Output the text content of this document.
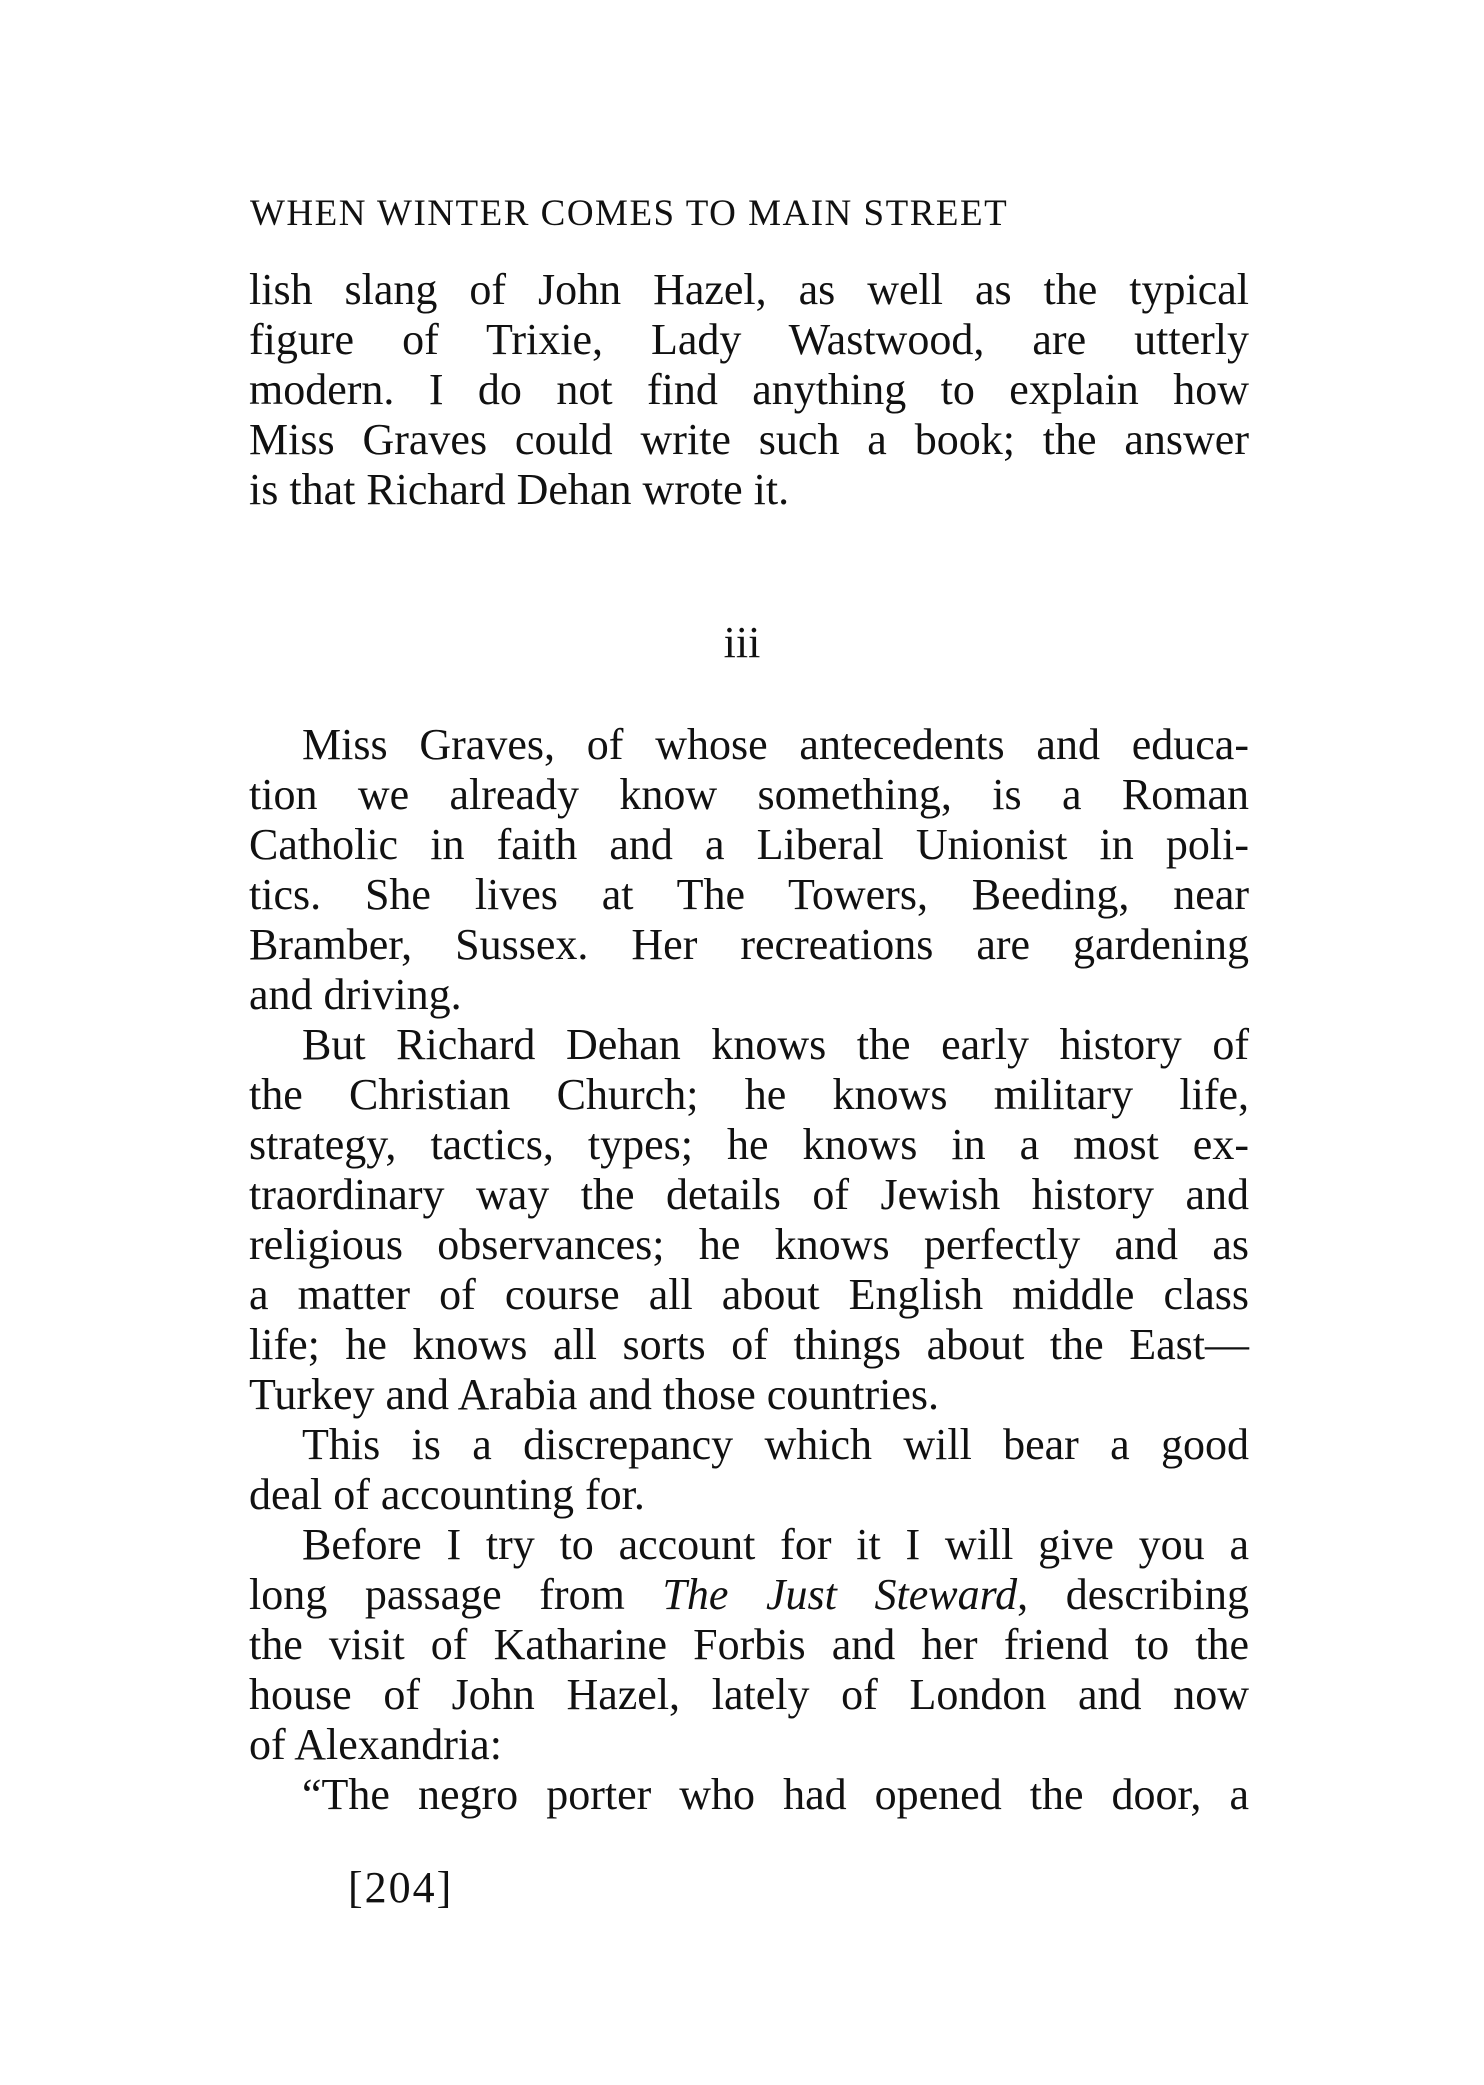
WHEN WINTER COMES TO MAIN STREET
lish slang of John Hazel, as well as the typical
figure of Trixie, Lady Wastwood, are utterly
modern. I do not find anything to explain how
Miss Graves could write such a book; the answer
is that Richard Dehan wrote it.
iii
Miss Graves, of whose antecedents and educa-
tion we already know something, is a Roman
Catholic in faith and a Liberal Unionist in poli-
tics. She lives at The Towers, Beeding, near
Bramber, Sussex. Her recreations are gardening
and driving.
But Richard Dehan knows the early history of
the Christian Church; he knows military life,
strategy, tactics, types; he knows in a most ex-
traordinary way the details of Jewish history and
religious observances; he knows perfectly and as
a matter of course all about English middle class
life; he knows all sorts of things about the East—
Turkey and Arabia and those countries.
This is a discrepancy which will bear a good
deal of accounting for.
Before I try to account for it I will give you a
long passage from The Just Steward, describing
the visit of Katharine Forbis and her friend to the
house of John Hazel, lately of London and now
of Alexandria:
“The negro porter who had opened the door, a
[204]
